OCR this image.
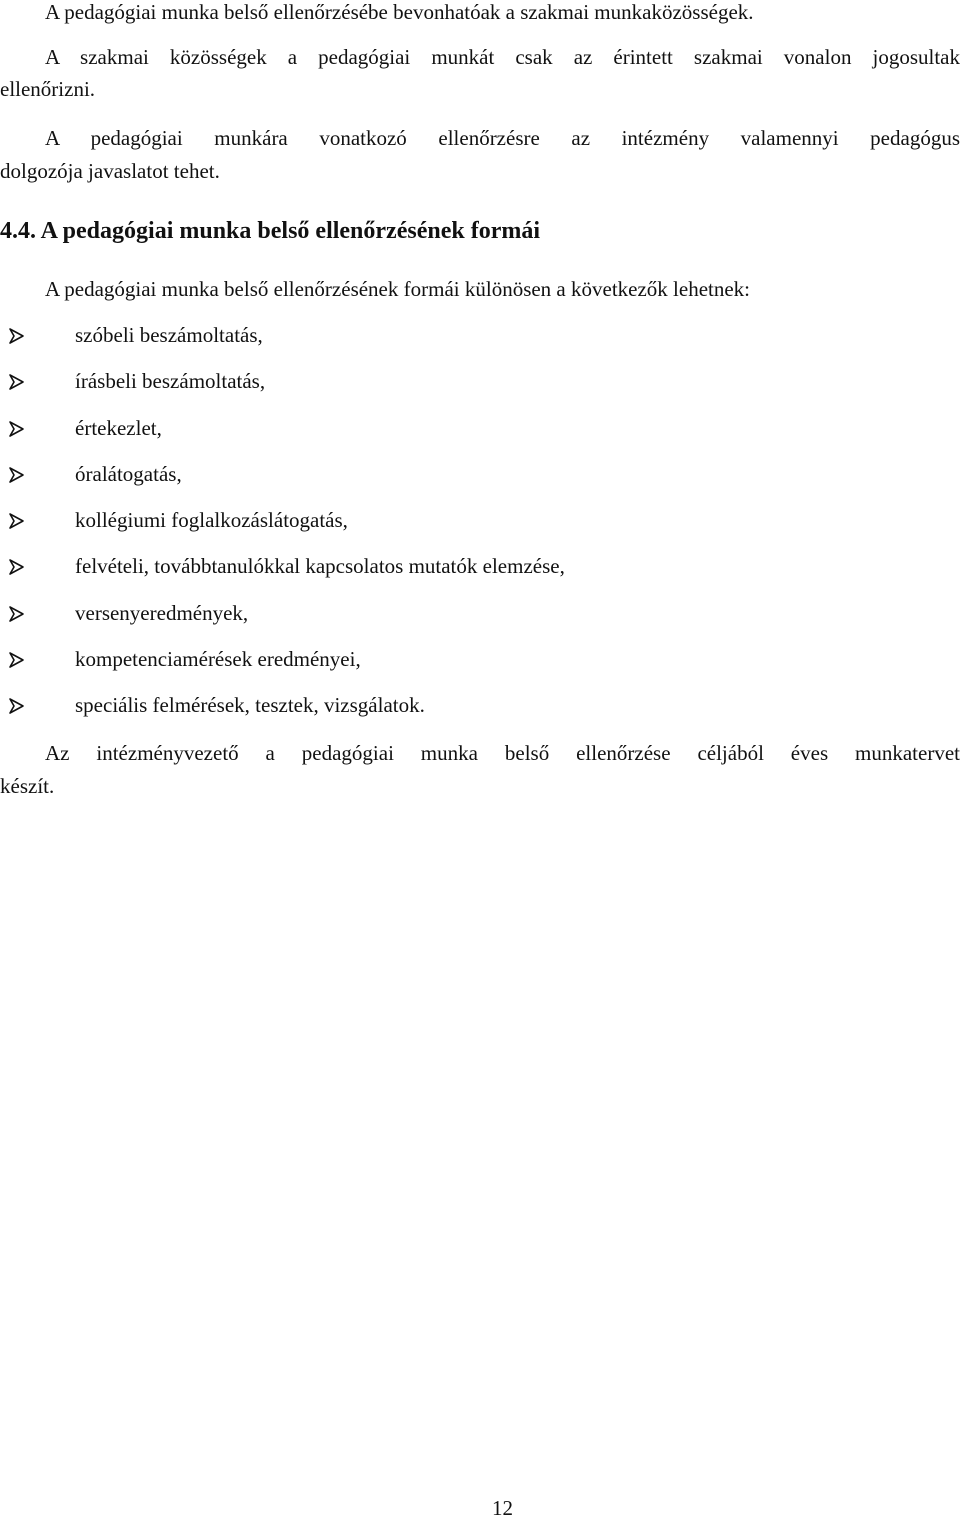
A pedagógiai munka belső ellenőrzésébe bevonhatóak a szakmai munkaközösségek.
A szakmai közösségek a pedagógiai munkát csak az érintett szakmai vonalon jogosultak
ellenőrizni.
A pedagógiai munkára vonatkozó ellenőrzésre az intézmény valamennyi pedagógus
dolgozója javaslatot tehet.
4.4. A pedagógiai munka belső ellenőrzésének formái
A pedagógiai munka belső ellenőrzésének formái különösen a következők lehetnek:
szóbeli beszámoltatás,
írásbeli beszámoltatás,
értekezlet,
óralátogatás,
kollégiumi foglalkozáslátogatás,
felvételi, továbbtanulókkal kapcsolatos mutatók elemzése,
versenyeredmények,
kompetenciamérések eredményei,
speciális felmérések, tesztek, vizsgálatok.
Az intézményvezető a pedagógiai munka belső ellenőrzése céljából éves munkatervet
készít.
12
